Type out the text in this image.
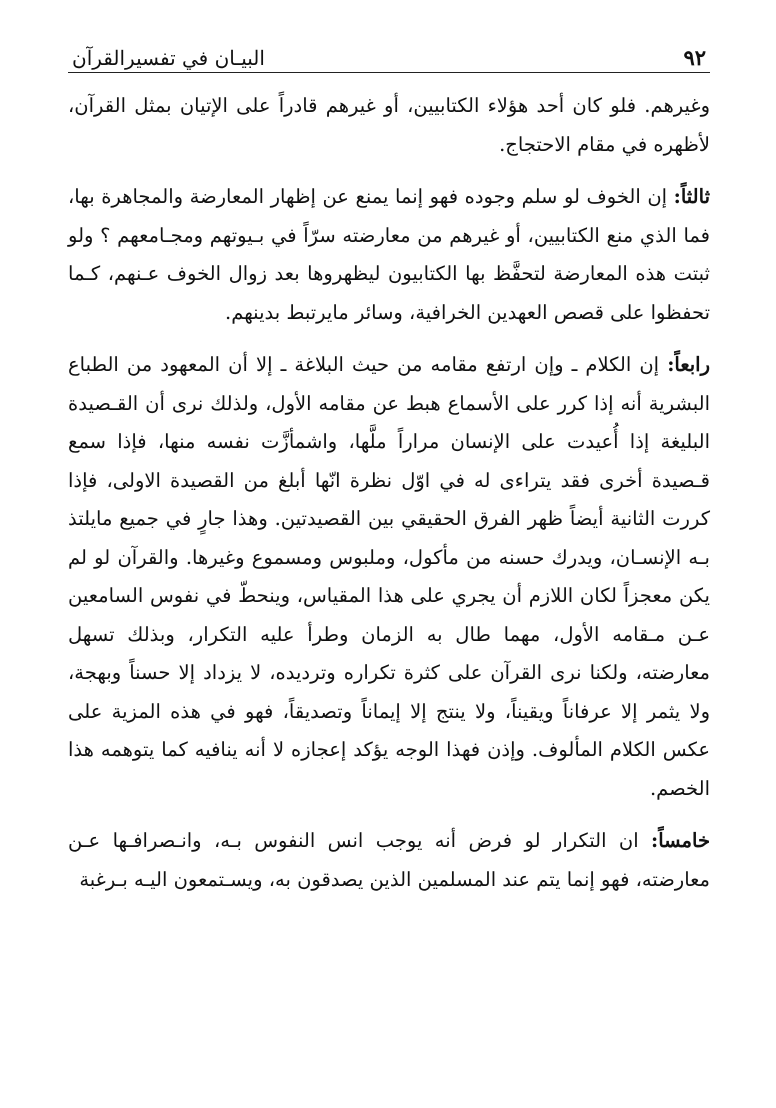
٩٢
البيـان في تفسيرالقرآن

وغيرهم. فلو كان أحد هؤلاء الكتابيين، أو غيرهم قادراً على الإتيان بمثل القرآن، لأظهره في مقام الاحتجاج.

ثالثاً: إن الخوف لو سلم وجوده فهو إنما يمنع عن إظهار المعارضة والمجاهرة بها، فما الذي منع الكتابيين، أو غيرهم من معارضته سرّاً في بـيوتهم ومجـامعهم ؟ ولو ثبتت هذه المعارضة لتحفَّظ بها الكتابيون ليظهروها بعد زوال الخوف عـنهم، كـما تحفظوا على قصص العهدين الخرافية، وسائر مايرتبط بدينهم.

رابعاً: إن الكلام ـ وإن ارتفع مقامه من حيث البلاغة ـ إلا أن المعهود من الطباع البشرية أنه إذا كرر على الأسماع هبط عن مقامه الأول، ولذلك نرى أن القـصيدة البليغة إذا أُعيدت على الإنسان مراراً ملَّها، واشمأزَّت نفسه منها، فإذا سمع قـصيدة أخرى فقد يتراءى له في اوّل نظرة انّها أبلغ من القصيدة الاولى، فإذا كررت الثانية أيضاً ظهر الفرق الحقيقي بين القصيدتين. وهذا جارٍ في جميع مايلتذ بـه الإنسـان، ويدرك حسنه من مأكول، وملبوس ومسموع وغيرها. والقرآن لو لم يكن معجزاً لكان اللازم أن يجري على هذا المقياس، وينحطّ في نفوس السامعين عـن مـقامه الأول، مهما طال به الزمان وطرأ عليه التكرار، وبذلك تسهل معارضته، ولكنا نرى القرآن على كثرة تكراره وترديده، لا يزداد إلا حسناً وبهجة، ولا يثمر إلا عرفاناً ويقيناً، ولا ينتج إلا إيماناً وتصديقاً، فهو في هذه المزية على عكس الكلام المألوف. وإذن فهذا الوجه يؤكد إعجازه لا أنه ينافيه كما يتوهمه هذا الخصم.

خامساً: ان التكرار لو فرض أنه يوجب انس النفوس بـه، وانـصرافـها عـن معارضته، فهو إنما يتم عند المسلمين الذين يصدقون به، ويسـتمعون اليـه بـرغبة
